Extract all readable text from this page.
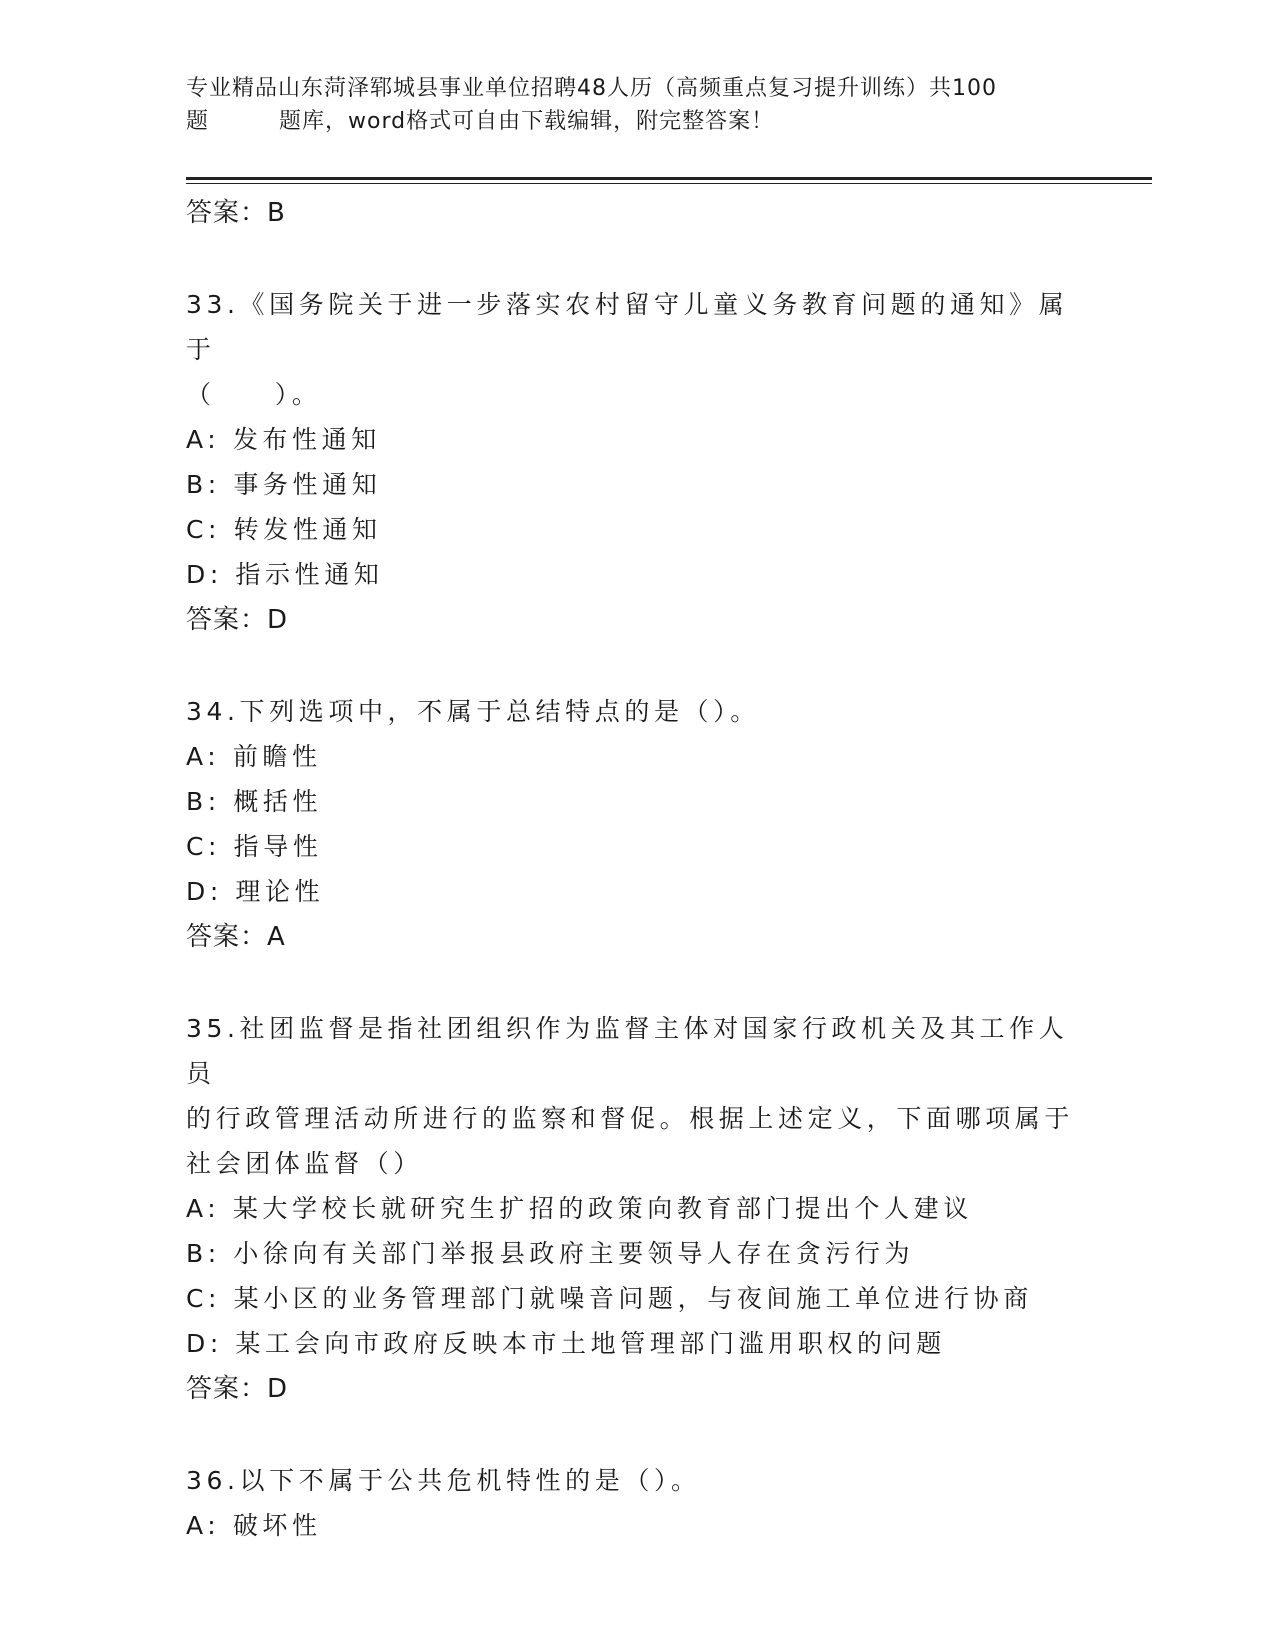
专业精品山东菏泽郓城县事业单位招聘48人历（高频重点复习提升训练）共100
题	题库，word格式可自由下载编辑，附完整答案！
答案：B
33.《国务院关于进一步落实农村留守儿童义务教育问题的通知》属于
（　　）。
A: 发布性通知
B: 事务性通知
C: 转发性通知
D: 指示性通知
答案：D
34.下列选项中，不属于总结特点的是（）。
A: 前瞻性
B: 概括性
C: 指导性
D: 理论性
答案：A
35.社团监督是指社团组织作为监督主体对国家行政机关及其工作人员
的行政管理活动所进行的监察和督促。根据上述定义，下面哪项属于
社会团体监督（）
A: 某大学校长就研究生扩招的政策向教育部门提出个人建议
B: 小徐向有关部门举报县政府主要领导人存在贪污行为
C: 某小区的业务管理部门就噪音问题，与夜间施工单位进行协商
D: 某工会向市政府反映本市土地管理部门滥用职权的问题
答案：D
36.以下不属于公共危机特性的是（）。
A: 破坏性
